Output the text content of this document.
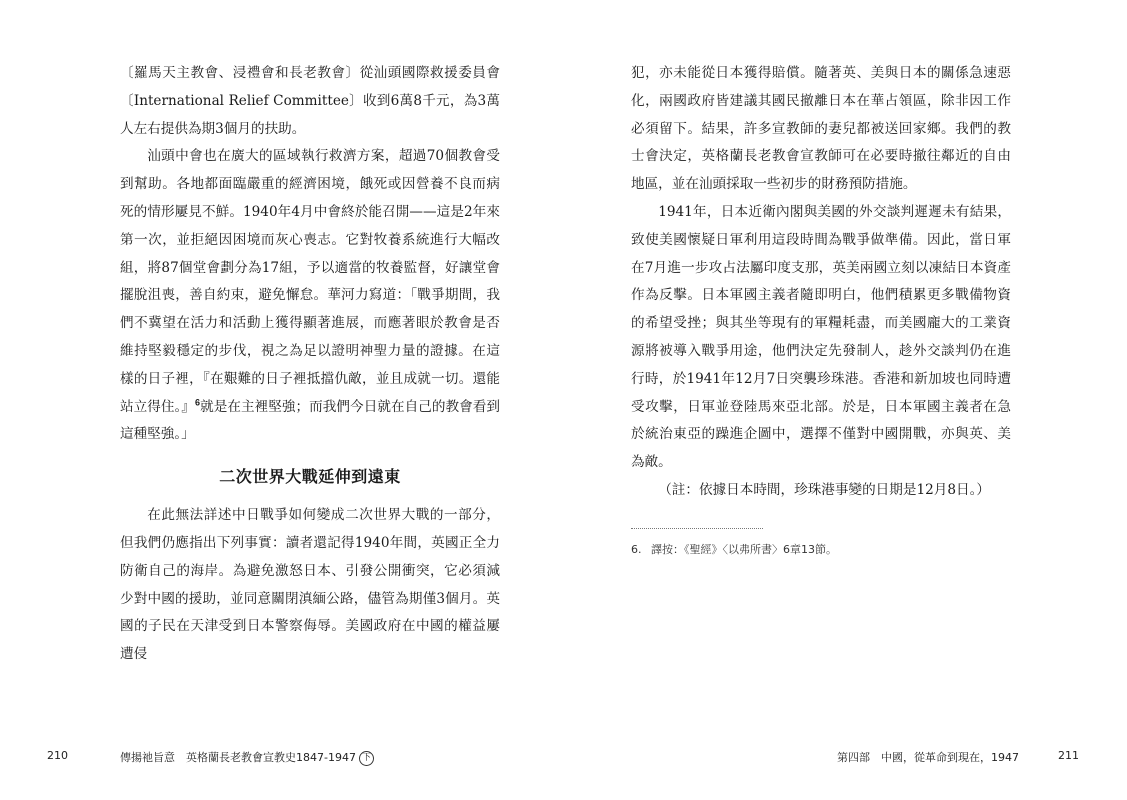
〔羅馬天主教會、浸禮會和長老教會〕從汕頭國際救援委員會〔International Relief Committee〕收到6萬8千元，為3萬人左右提供為期3個月的扶助。

汕頭中會也在廣大的區域執行救濟方案，超過70個教會受到幫助。各地都面臨嚴重的經濟困境，餓死或因營養不良而病死的情形屢見不鮮。1940年4月中會終於能召開——這是2年來第一次，並拒絕因困境而灰心喪志。它對牧養系統進行大幅改組，將87個堂會劃分為17組，予以適當的牧養監督，好讓堂會擺脫沮喪，善自約束，避免懈怠。華河力寫道：「戰爭期間，我們不冀望在活力和活動上獲得顯著進展，而應著眼於教會是否維持堅毅穩定的步伐，視之為足以證明神聖力量的證據。在這樣的日子裡，『在艱難的日子裡抵擋仇敵，並且成就一切。還能站立得住。』$^6$就是在主裡堅強；而我們今日就在自己的教會看到這種堅強。」

二次世界大戰延伸到遠東

在此無法詳述中日戰爭如何變成二次世界大戰的一部分，但我們仍應指出下列事實：讀者還記得1940年間，英國正全力防衛自己的海岸。為避免激怒日本、引發公開衝突，它必須減少對中國的援助，並同意關閉滇緬公路，儘管為期僅3個月。英國的子民在天津受到日本警察侮辱。美國政府在中國的權益屢遭侵

210	傳揚祂旨意　英格蘭長老教會宣教史1847-1947 下

犯，亦未能從日本獲得賠償。隨著英、美與日本的關係急速惡化，兩國政府皆建議其國民撤離日本在華占領區，除非因工作必須留下。結果，許多宣教師的妻兒都被送回家鄉。我們的教士會決定，英格蘭長老教會宣教師可在必要時撤往鄰近的自由地區，並在汕頭採取一些初步的財務預防措施。

1941年，日本近衛內閣與美國的外交談判遲遲未有結果，致使美國懷疑日軍利用這段時間為戰爭做準備。因此，當日軍在7月進一步攻占法屬印度支那，英美兩國立刻以凍結日本資產作為反擊。日本軍國主義者隨即明白，他們積累更多戰備物資的希望受挫；與其坐等現有的軍糧耗盡，而美國龐大的工業資源將被導入戰爭用途，他們決定先發制人，趁外交談判仍在進行時，於1941年12月7日突襲珍珠港。香港和新加坡也同時遭受攻擊，日軍並登陸馬來亞北部。於是，日本軍國主義者在急於統治東亞的躁進企圖中，選擇不僅對中國開戰，亦與英、美為敵。

（註：依據日本時間，珍珠港事變的日期是12月8日。）

6. 譯按：《聖經》〈以弗所書〉6章13節。
第四部　中國，從革命到現在，1947	211
